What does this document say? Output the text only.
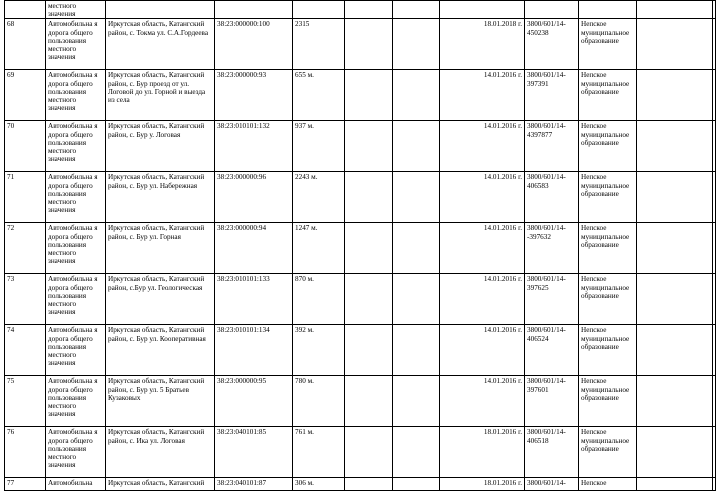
	местного значения										
68	Автомобильна я дорога общего пользования местного значения	Иркутская область, Катангский район, с. Токма ул. С.А.Гордеева	38:23:000000:100	2315			18.01.2018 г.	3800/601/14-450238	Непское муниципальное образование		
69	Автомобильна я дорога общего пользования местного значения	Иркутская область, Катангский район, с. Бур проезд от ул. Логовой до ул. Горной и выезда из села	38:23:000000:93	655 м.			14.01.2016 г.	3800/601/14-397391	Непское муниципальное образование		
70	Автомобильна я дорога общего пользования местного значения	Иркутская область, Катангский район, с. Бур у. Логовая	38:23:010101:132	937 м.			14.01.2016 г.	3800/601/14-4397877	Непское муниципальное образование		
71	Автомобильна я дорога общего пользования местного значения	Иркутская область, Катангский район, с. Бур ул. Набережная	38:23:000000:96	2243 м.			14.01.2016 г.	3800/601/14-406583	Непское муниципальное образование		
72	Автомобильна я дорога общего пользования местного значения	Иркутская область, Катангский район, с. Бур ул. Горная	38:23:000000:94	1247 м.			14.01.2016 г.	3800/601/14--397632	Непское муниципальное образование		
73	Автомобильна я дорога общего пользования местного значения	Иркутская область, Катангский район, с.Бур ул. Геологическая	38:23:010101:133	870 м.			14.01.2016 г.	3800/601/14-397625	Непское муниципальное образование		
74	Автомобильна я дорога общего пользования местного значения	Иркутская область, Катангский район, с. Бур ул. Кооперативная	38:23:010101:134	392 м.			14.01.2016 г.	3800/601/14-406524	Непское муниципальное образование		
75	Автомобильна я дорога общего пользования местного значения	Иркутская область, Катангский район, с. Бур ул. 5 Братьев Кузаковых	38:23:000000:95	780 м.			14.01.2016 г.	3800/601/14-397601	Непское муниципальное образование		
76	Автомобильна я дорога общего пользования местного значения	Иркутская область, Катангский район, с. Ика ул. Логовая	38:23:040101:85	761 м.			18.01.2016 г.	3800/601/14-406518	Непское муниципальное образование		
77	Автомобильна	Иркутская область, Катангский	38:23:040101:87	306 м.			18.01.2016 г.	3800/601/14-	Непское		
